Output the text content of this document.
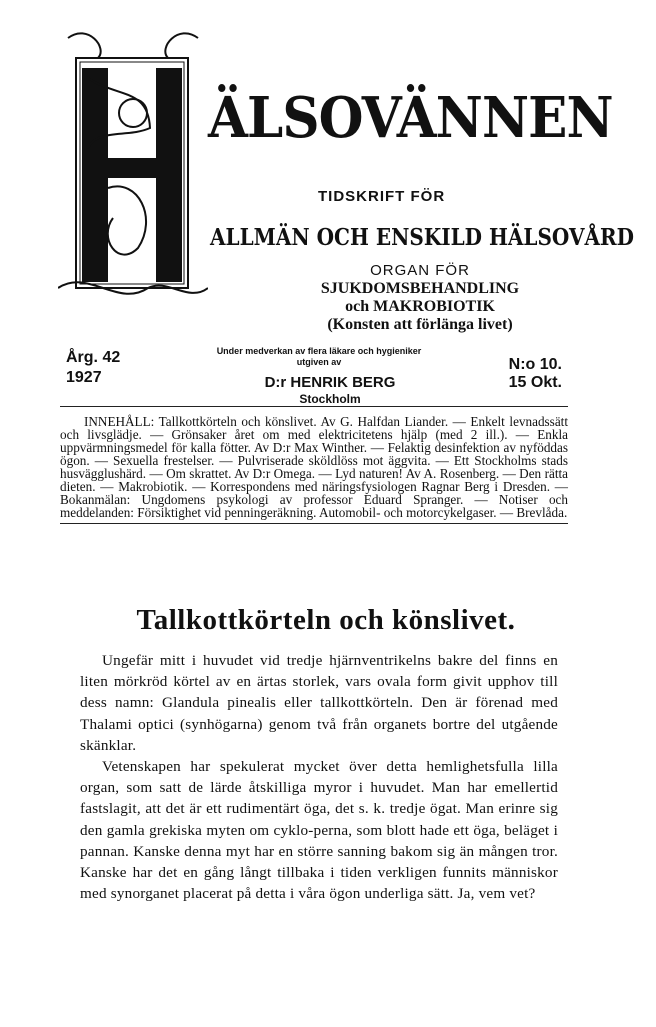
ÄLSOVÄNNEN
TIDSKRIFT FÖR
ALLMÄN OCH ENSKILD HÄLSOVÅRD
ORGAN FÖR
SJUKDOMSBEHANDLING
och MAKROBIOTIK
(Konsten att förlänga livet)
Årg. 42
1927
Under medverkan av flera läkare och hygieniker
utgiven av
D:r HENRIK BERG
Stockholm
N:o 10.
15 Okt.

INNEHÅLL: Tallkottkörteln och könslivet. Av G. Halfdan Liander. — Enkelt levnadssätt och livsglädje. — Grönsaker året om med elektricitetens hjälp (med 2 ill.). — Enkla uppvärmningsmedel för kalla fötter. Av D:r Max Winther. — Felaktig desinfektion av nyföddas ögon. — Sexuella frestelser. — Pulvriserade sköldlöss mot äggvita. — Ett Stockholms stads husvägglushärd. — Om skrattet. Av D:r Omega. — Lyd naturen! Av A. Rosenberg. — Den rätta dieten. — Makrobiotik. — Korrespondens med näringsfysiologen Ragnar Berg i Dresden. — Bokanmälan: Ungdomens psykologi av professor Eduard Spranger. — Notiser och meddelanden: Försiktighet vid penningeräkning. Automobil- och motorcykelgaser. — Brevlåda.

Tallkottkörteln och könslivet.

Ungefär mitt i huvudet vid tredje hjärnventrikelns bakre del finns en liten mörkröd körtel av en ärtas storlek, vars ovala form givit upphov till dess namn: Glandula pinealis eller tallkottkörteln. Den är förenad med Thalami optici (synhögarna) genom två från organets bortre del utgående skänklar.

Vetenskapen har spekulerat mycket över detta hemlighetsfulla lilla organ, som satt de lärde åtskilliga myror i huvudet. Man har emellertid fastslagit, att det är ett rudimentärt öga, det s. k. tredje ögat. Man erinre sig den gamla grekiska myten om cyklo-perna, som blott hade ett öga, beläget i pannan. Kanske denna myt har en större sanning bakom sig än mången tror. Kanske har det en gång långt tillbaka i tiden verkligen funnits människor med synorganet placerat på detta i våra ögon underliga sätt. Ja, vem vet?
